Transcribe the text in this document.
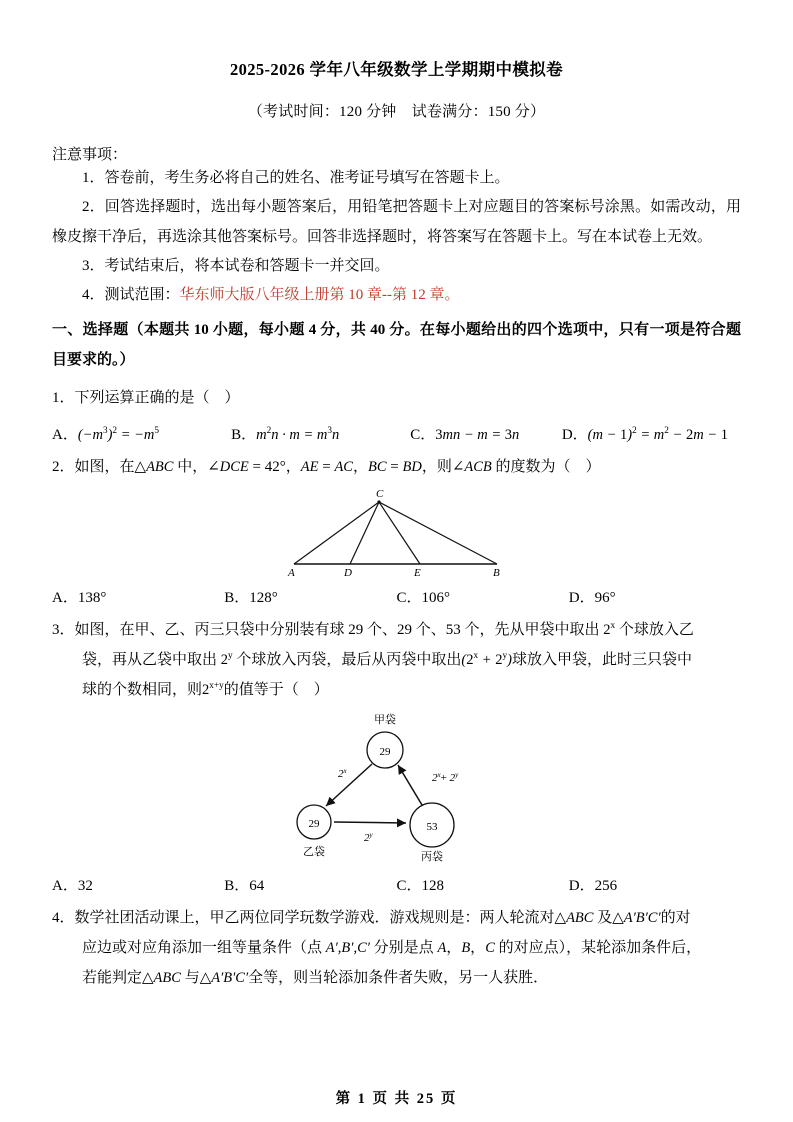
2025-2026 学年八年级数学上学期期中模拟卷

（考试时间：120 分钟　试卷满分：150 分）

注意事项：

1．答卷前，考生务必将自己的姓名、准考证号填写在答题卡上。

2．回答选择题时，选出每小题答案后，用铅笔把答题卡上对应题目的答案标号涂黑。如需改动，用橡皮擦干净后，再选涂其他答案标号。回答非选择题时，将答案写在答题卡上。写在本试卷上无效。

3．考试结束后，将本试卷和答题卡一并交回。

4．测试范围：华东师大版八年级上册第 10 章--第 12 章。

一、选择题（本题共 10 小题，每小题 4 分，共 40 分。在每小题给出的四个选项中，只有一项是符合题目要求的。）

1．下列运算正确的是（　）

A．$(-m^3)^2 = -m^5$	B．$m^2n \cdot m = m^3n$	C．3mn − m = 3n	D．$(m - 1)^2 = m^2 - 2m - 1$

2．如图，在△ABC 中，∠DCE = 42°，AE = AC，BC = BD，则∠ACB 的度数为（　）

C
A	D	E	B
A．138°	B．128°	C．106°	D．96°

3．如图，在甲、乙、丙三只袋中分别装有球 29 个、29 个、53 个，先从甲袋中取出 2$^x$ 个球放入乙

袋，再从乙袋中取出 2$^y$ 个球放入丙袋，最后从丙袋中取出$(2^x + 2^y)$球放入甲袋，此时三只袋中

球的个数相同，则$2^{x+y}$的值等于（　）

29
甲袋
29
乙袋
53
丙袋
2$^x$
2$^y$
$2^x+ 2^y$
A．32	B．64	C．128	D．256

4．数学社团活动课上，甲乙两位同学玩数学游戏．游戏规则是：两人轮流对△ABC 及△A′B′C′的对

应边或对应角添加一组等量条件（点 A′,B′,C′ 分别是点 A，B，C 的对应点），某轮添加条件后，

若能判定△ABC 与△A′B′C′全等，则当轮添加条件者失败，另一人获胜．

第 1 页 共 25 页
